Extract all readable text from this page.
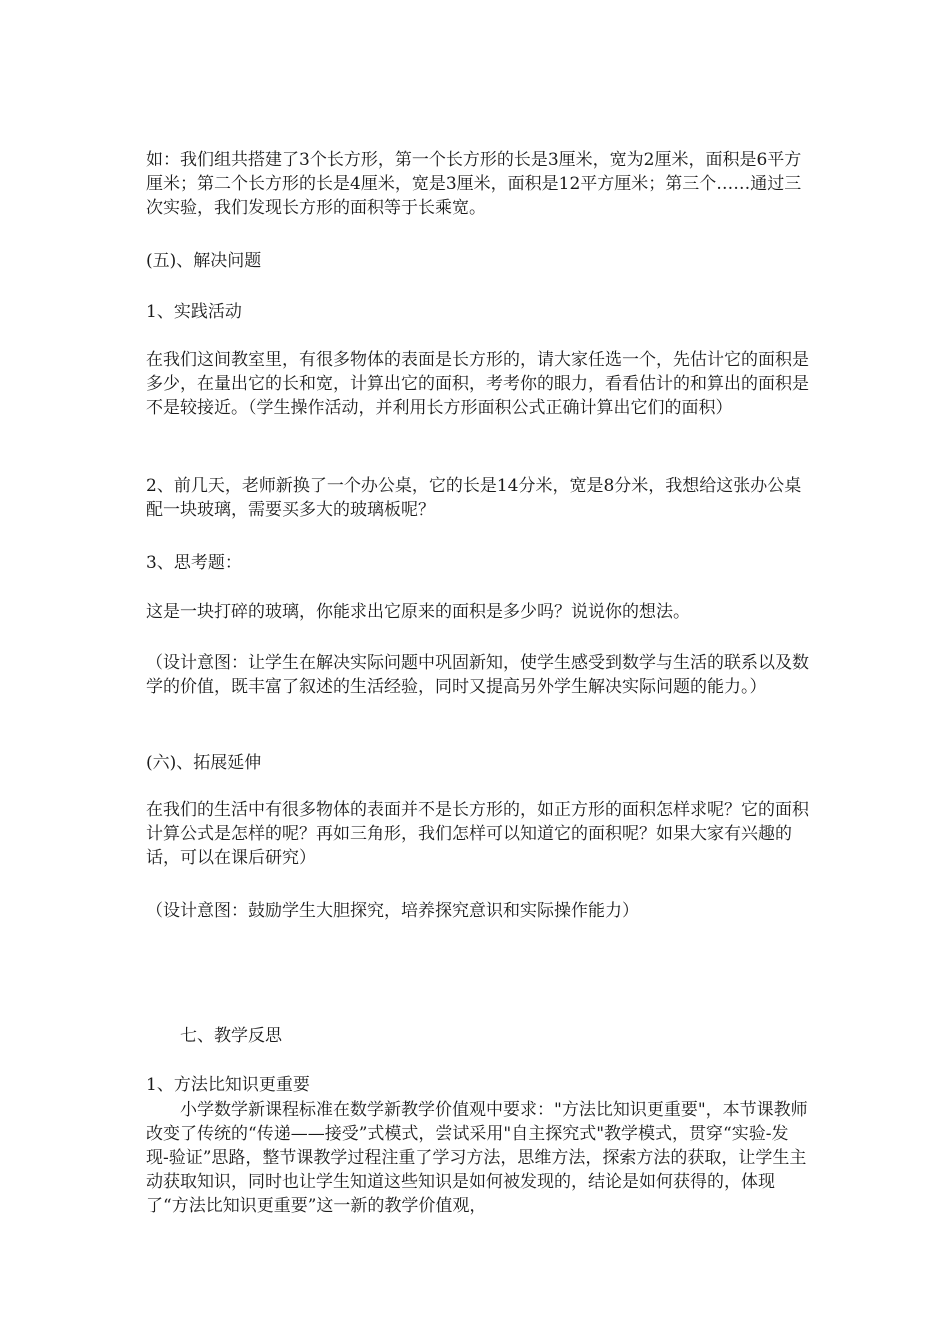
如：我们组共搭建了3个长方形，第一个长方形的长是3厘米，宽为2厘米，面积是6平方厘米；第二个长方形的长是4厘米，宽是3厘米，面积是12平方厘米；第三个……通过三次实验，我们发现长方形的面积等于长乘宽。

(五)、解决问题

1、实践活动

在我们这间教室里，有很多物体的表面是长方形的，请大家任选一个，先估计它的面积是多少，在量出它的长和宽，计算出它的面积，考考你的眼力，看看估计的和算出的面积是不是较接近。（学生操作活动，并利用长方形面积公式正确计算出它们的面积）

2、前几天，老师新换了一个办公桌，它的长是14分米，宽是8分米，我想给这张办公桌配一块玻璃，需要买多大的玻璃板呢？

3、思考题：

这是一块打碎的玻璃，你能求出它原来的面积是多少吗？说说你的想法。

（设计意图：让学生在解决实际问题中巩固新知，使学生感受到数学与生活的联系以及数学的价值，既丰富了叙述的生活经验，同时又提高另外学生解决实际问题的能力。）

(六)、拓展延伸

在我们的生活中有很多物体的表面并不是长方形的，如正方形的面积怎样求呢？它的面积计算公式是怎样的呢？再如三角形，我们怎样可以知道它的面积呢？如果大家有兴趣的话，可以在课后研究）

（设计意图：鼓励学生大胆探究，培养探究意识和实际操作能力）

七、教学反思

1、方法比知识更重要

小学数学新课程标准在数学新教学价值观中要求："方法比知识更重要"，本节课教师改变了传统的“传递——接受”式模式，尝试采用"自主探究式"教学模式，贯穿“实验-发现-验证”思路，整节课教学过程注重了学习方法，思维方法，探索方法的获取，让学生主动获取知识，同时也让学生知道这些知识是如何被发现的，结论是如何获得的，体现了“方法比知识更重要”这一新的教学价值观，
